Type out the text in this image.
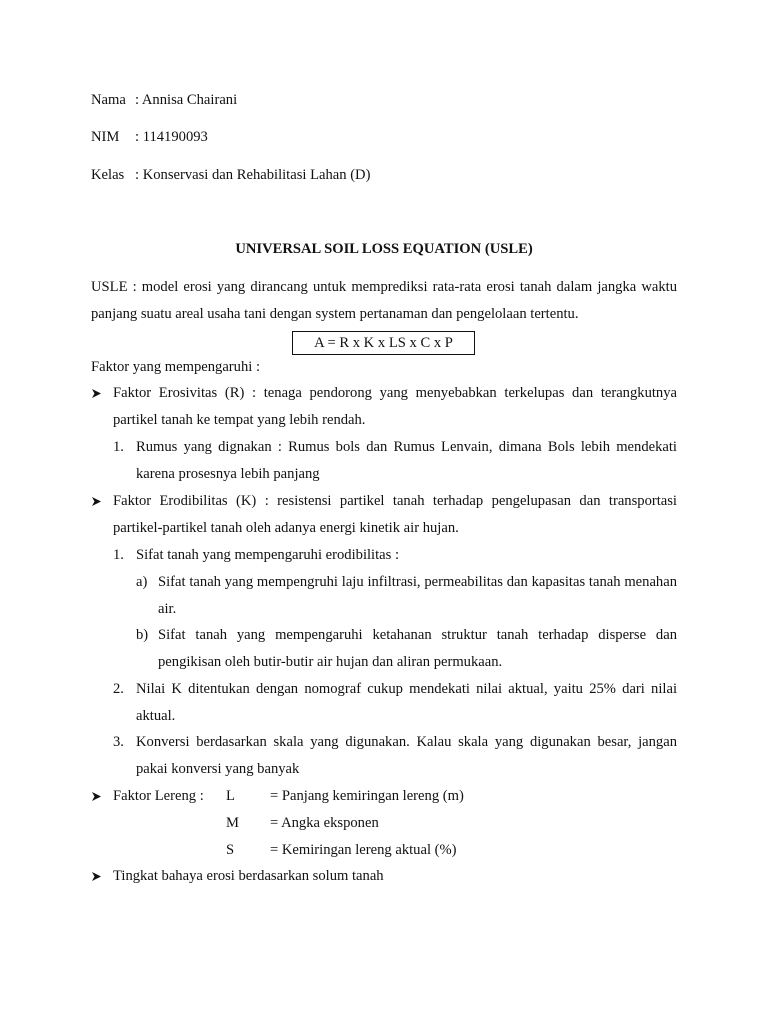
Nama : Annisa Chairani
NIM : 114190093
Kelas : Konservasi dan Rehabilitasi Lahan (D)
UNIVERSAL SOIL LOSS EQUATION (USLE)
USLE : model erosi yang dirancang untuk memprediksi rata-rata erosi tanah dalam jangka waktu panjang suatu areal usaha tani dengan system pertanaman dan pengelolaan tertentu.
A = R x K x LS x C x P
Faktor yang mempengaruhi :
Faktor Erosivitas (R) : tenaga pendorong yang menyebabkan terkelupas dan terangkutnya partikel tanah ke tempat yang lebih rendah.
1. Rumus yang dignakan : Rumus bols dan Rumus Lenvain, dimana Bols lebih mendekati karena prosesnya lebih panjang
Faktor Erodibilitas (K) : resistensi partikel tanah terhadap pengelupasan dan transportasi partikel-partikel tanah oleh adanya energi kinetik air hujan.
1. Sifat tanah yang mempengaruhi erodibilitas :
a) Sifat tanah yang mempengruhi laju infiltrasi, permeabilitas dan kapasitas tanah menahan air.
b) Sifat tanah yang mempengaruhi ketahanan struktur tanah terhadap disperse dan pengikisan oleh butir-butir air hujan dan aliran permukaan.
2. Nilai K ditentukan dengan nomograf cukup mendekati nilai aktual, yaitu 25% dari nilai aktual.
3. Konversi berdasarkan skala yang digunakan. Kalau skala yang digunakan besar, jangan pakai konversi yang banyak
Faktor Lereng : L = Panjang kemiringan lereng (m)
M = Angka eksponen
S = Kemiringan lereng aktual (%)
Tingkat bahaya erosi berdasarkan solum tanah
